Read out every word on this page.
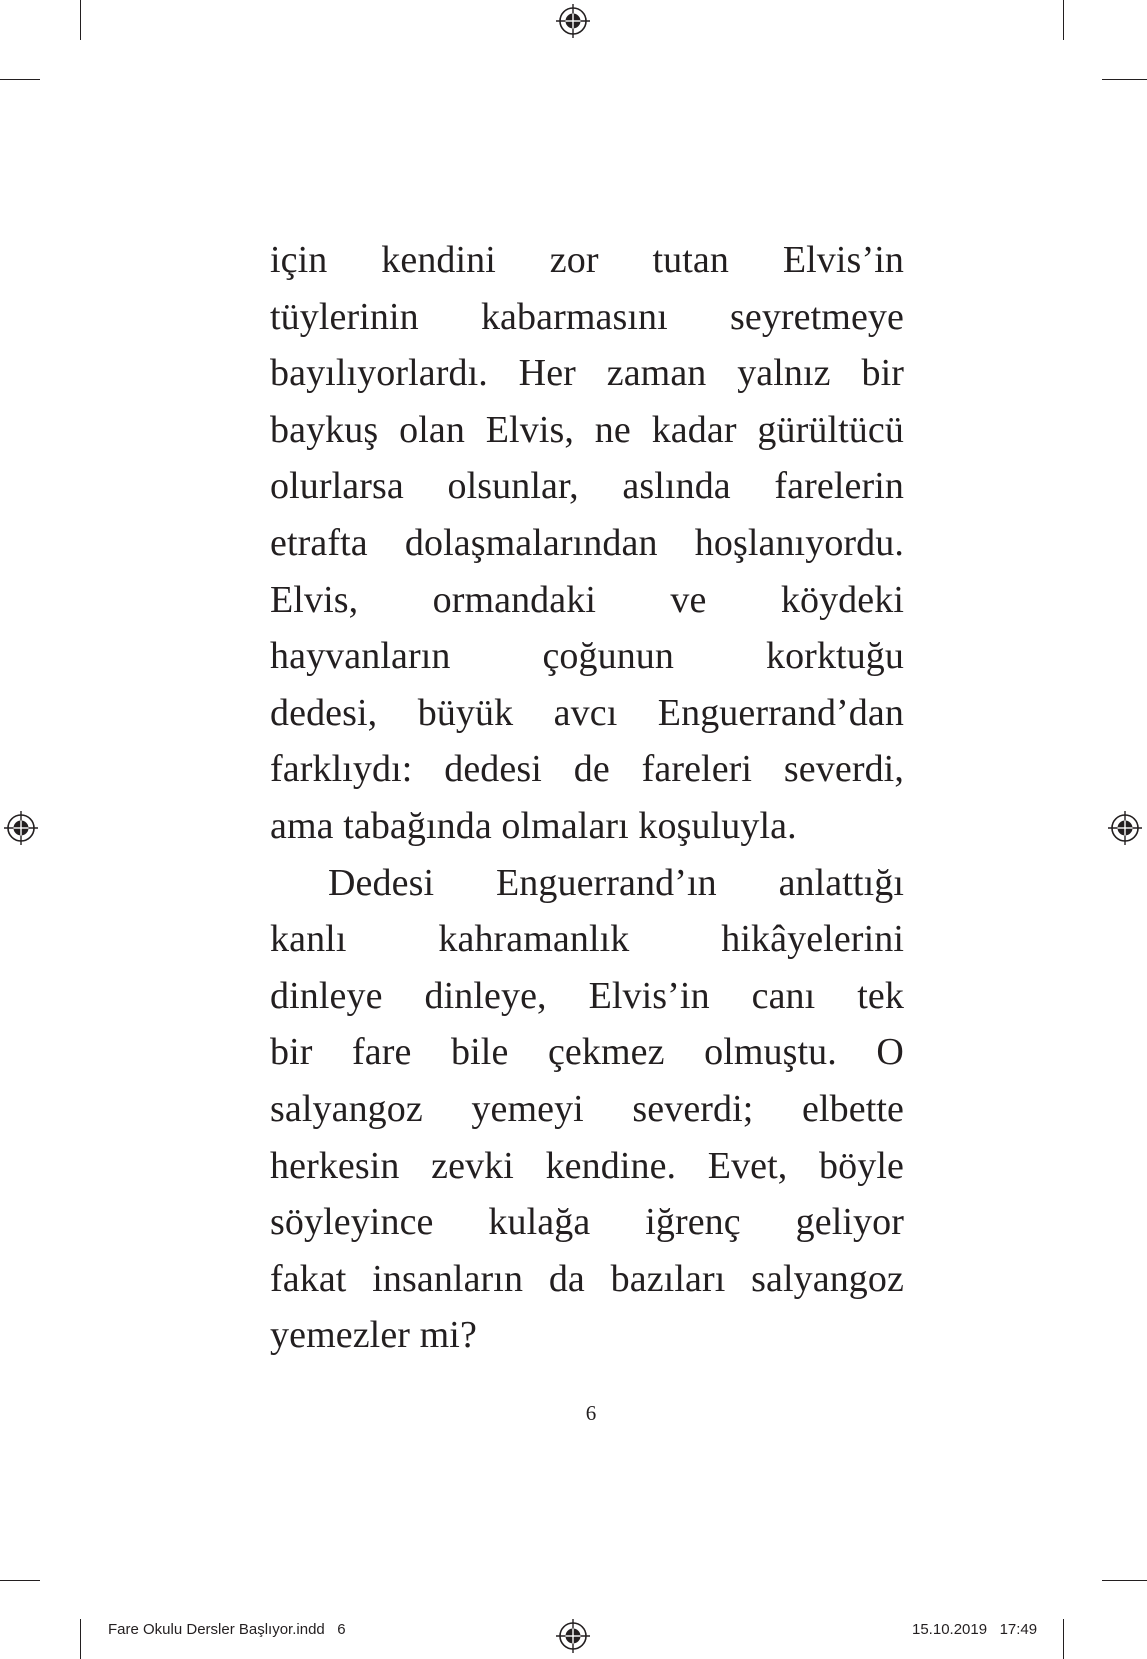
için kendini zor tutan Elvis’in
tüylerinin kabarmasını seyretmeye
bayılıyorlardı. Her zaman yalnız bir
baykuş olan Elvis, ne kadar gürültücü
olurlarsa olsunlar, aslında farelerin
etrafta dolaşmalarından hoşlanıyordu.
Elvis, ormandaki ve köydeki
hayvanların çoğunun korktuğu
dedesi, büyük avcı Enguerrand’dan
farklıydı: dedesi de fareleri severdi,
ama tabağında olmaları koşuluyla.
Dedesi Enguerrand’ın anlattığı
kanlı kahramanlık hikâyelerini
dinleye dinleye, Elvis’in canı tek
bir fare bile çekmez olmuştu. O
salyangoz yemeyi severdi; elbette
herkesin zevki kendine. Evet, böyle
söyleyince kulağa iğrenç geliyor
fakat insanların da bazıları salyangoz
yemezler mi?
6
Fare Okulu Dersler Başlıyor.indd   6	15.10.2019   17:49
